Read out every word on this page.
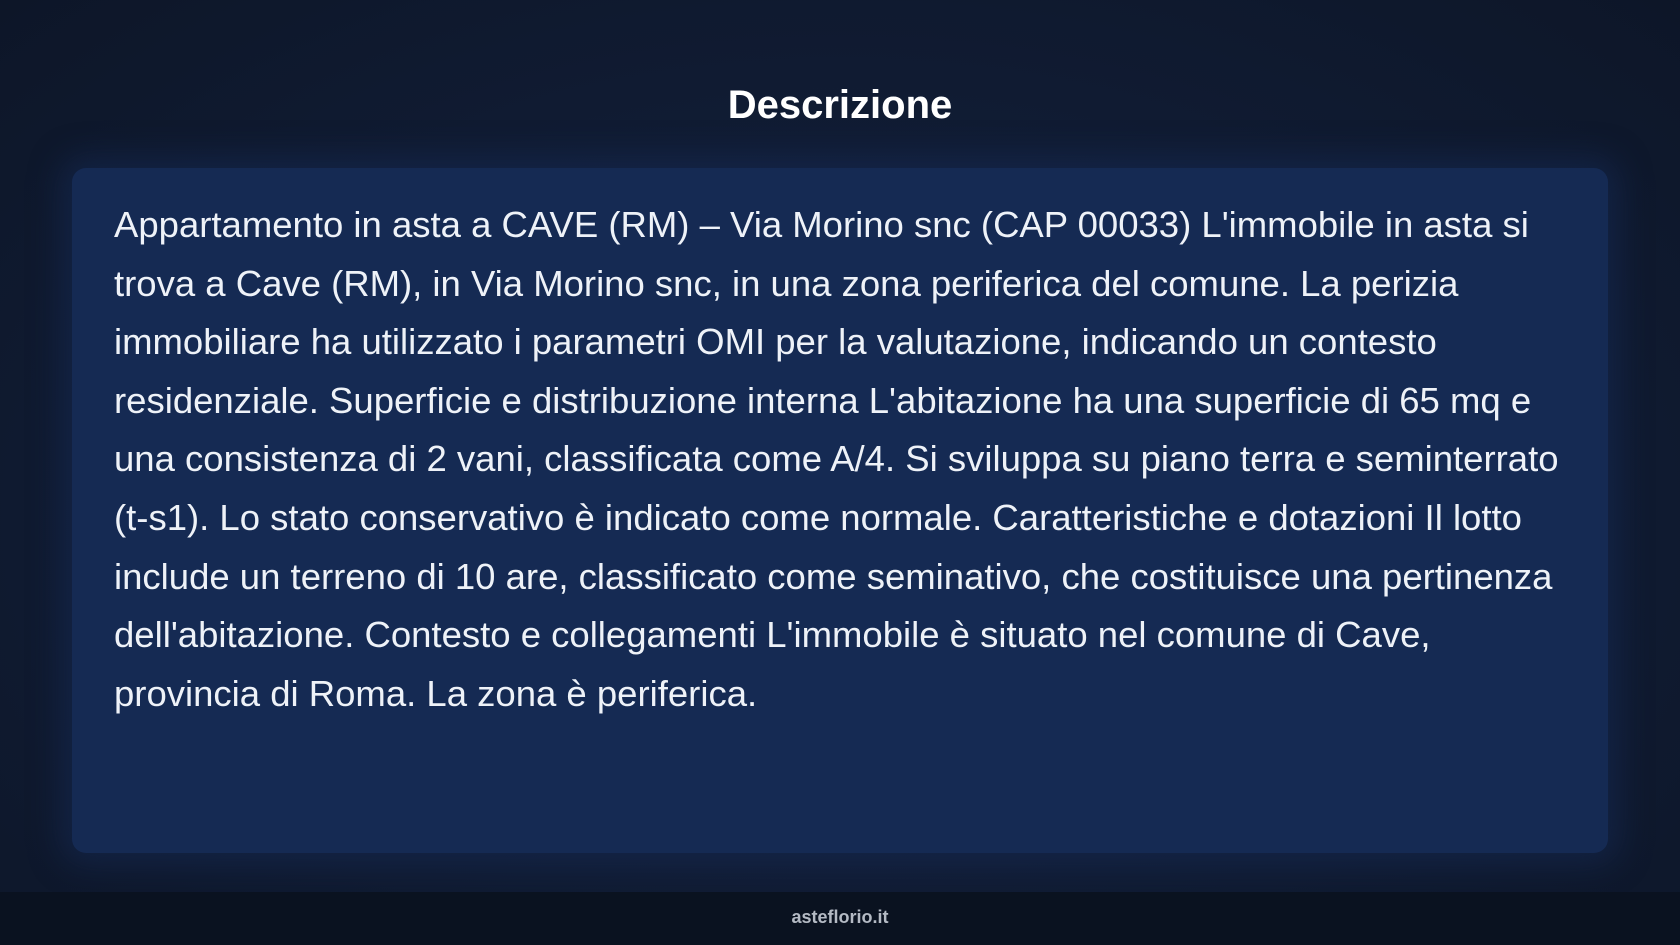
Descrizione

Appartamento in asta a CAVE (RM) – Via Morino snc (CAP 00033) L'immobile in asta si trova a Cave (RM), in Via Morino snc, in una zona periferica del comune. La perizia immobiliare ha utilizzato i parametri OMI per la valutazione, indicando un contesto residenziale. Superficie e distribuzione interna L'abitazione ha una superficie di 65 mq e una consistenza di 2 vani, classificata come A/4. Si sviluppa su piano terra e seminterrato (t-s1). Lo stato conservativo è indicato come normale. Caratteristiche e dotazioni Il lotto include un terreno di 10 are, classificato come seminativo, che costituisce una pertinenza dell'abitazione. Contesto e collegamenti L'immobile è situato nel comune di Cave, provincia di Roma. La zona è periferica.

asteflorio.it
